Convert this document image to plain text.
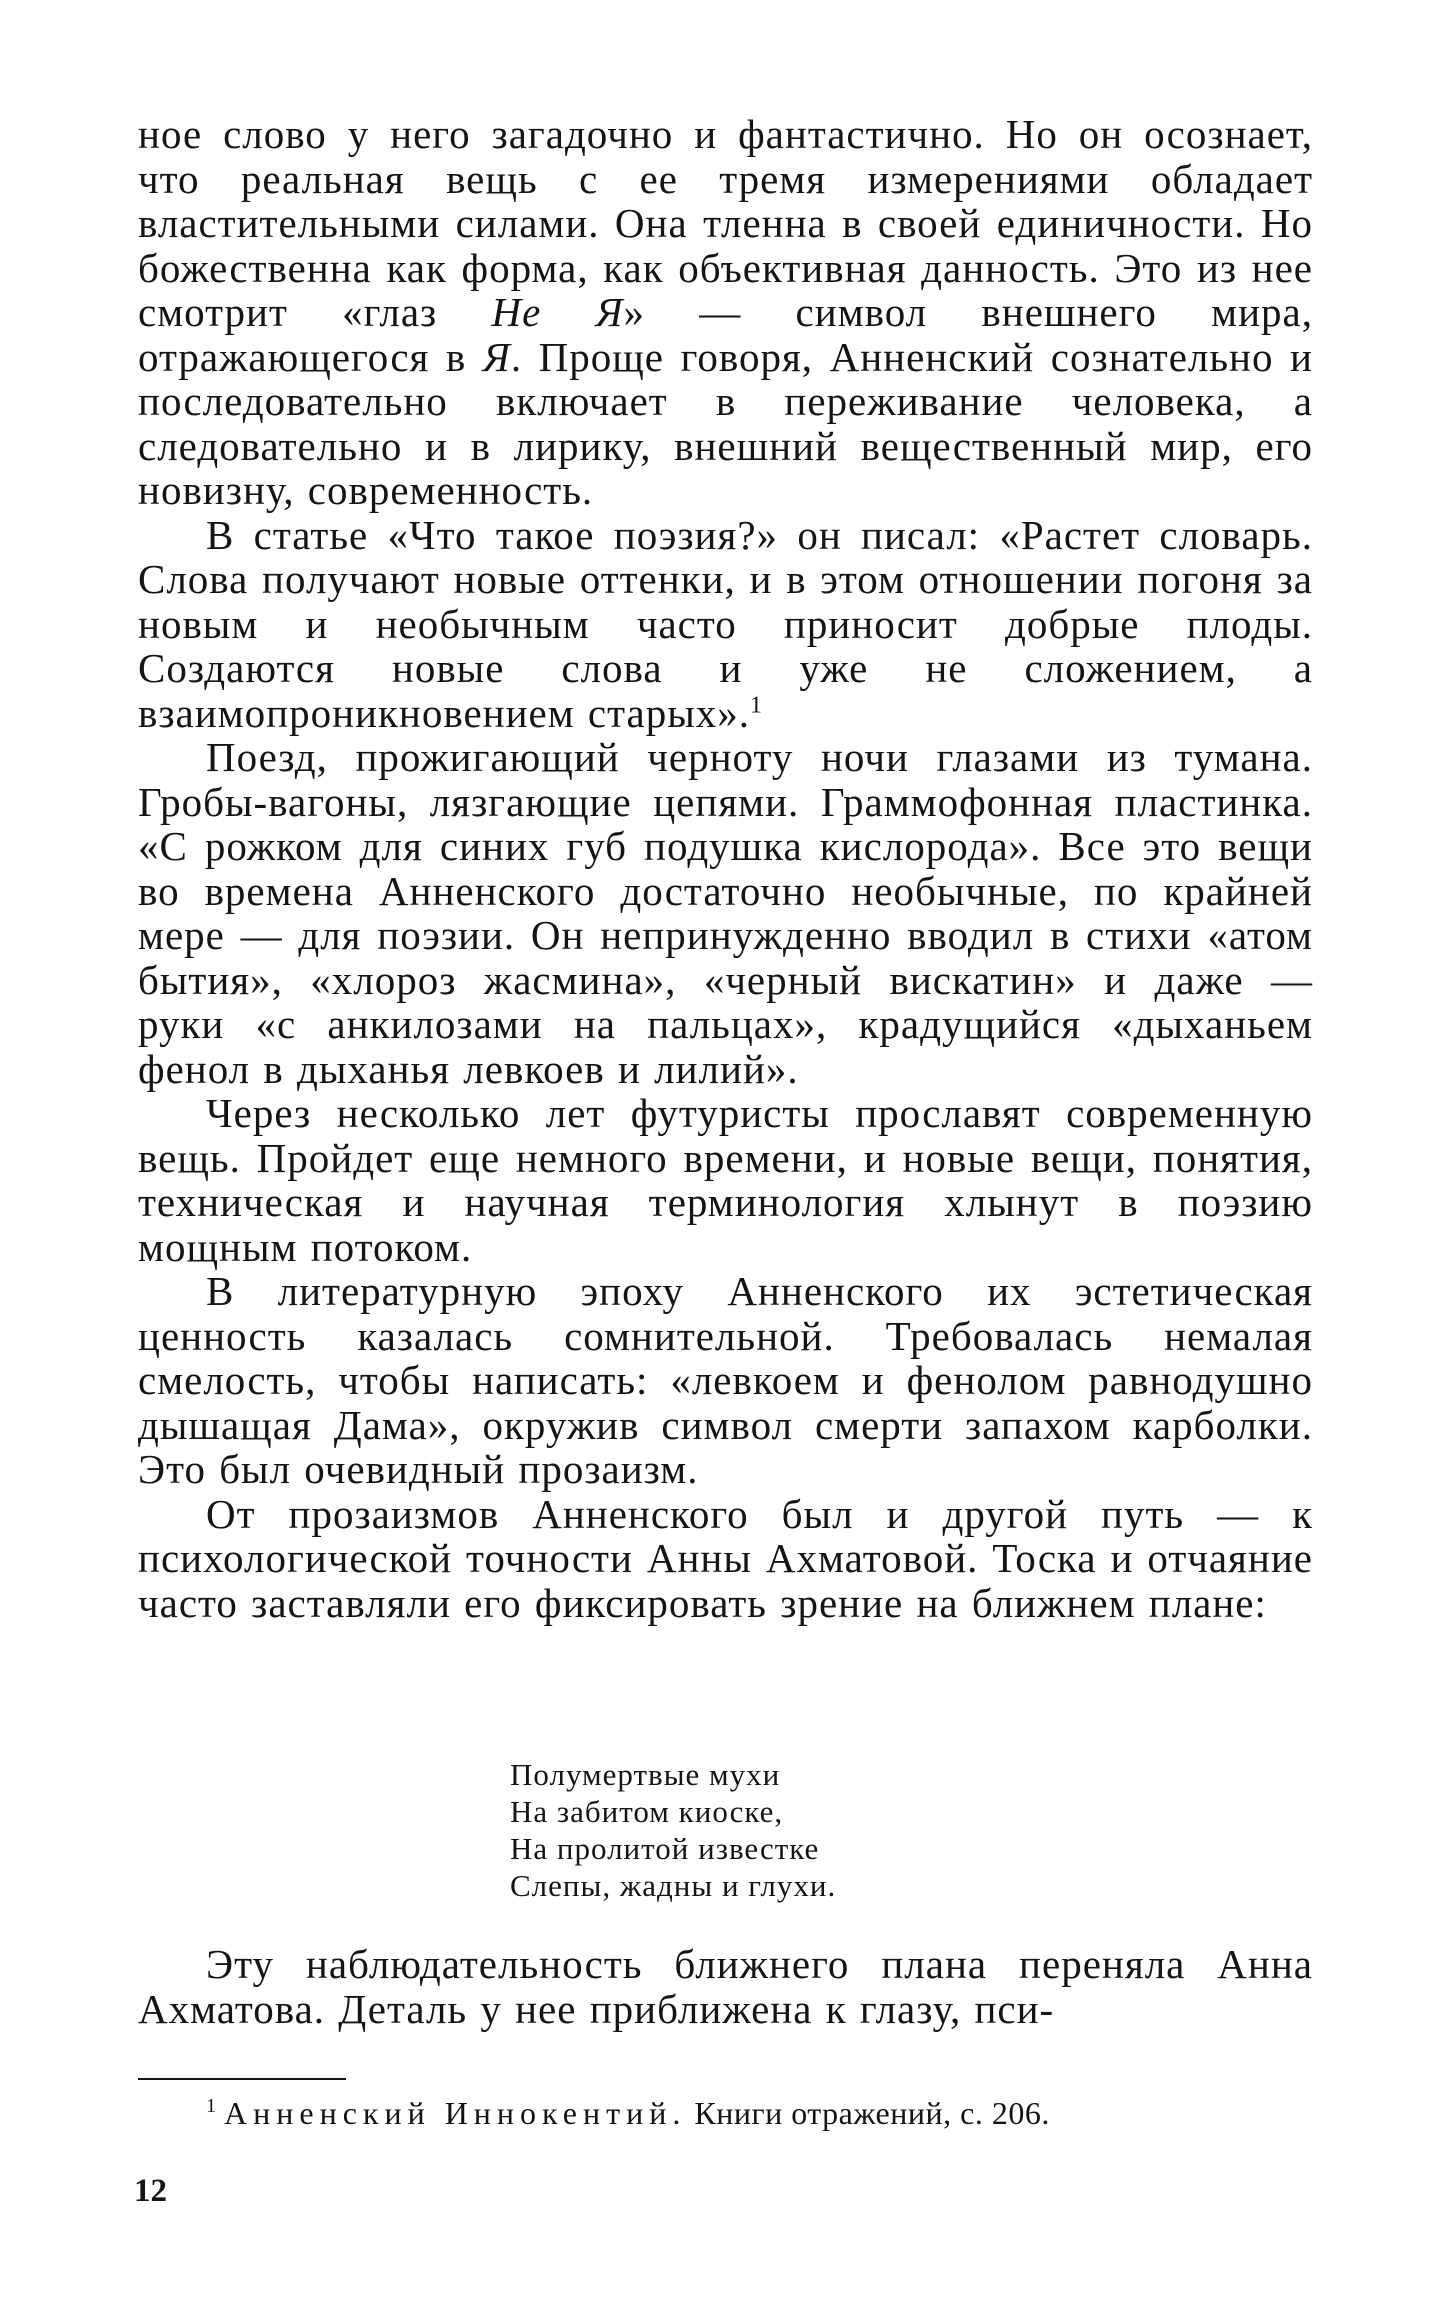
ное слово у него загадочно и фантастично. Но он осознает, что реальная вещь с ее тремя измерениями обладает властительными силами. Она тленна в своей единичности. Но божественна как форма, как объективная данность. Это из нее смотрит «глаз Не Я» — символ внешнего мира, отражающегося в Я. Проще говоря, Анненский сознательно и последовательно включает в переживание человека, а следовательно и в лирику, внешний вещественный мир, его новизну, современность.

В статье «Что такое поэзия?» он писал: «Растет словарь. Слова получают новые оттенки, и в этом отношении погоня за новым и необычным часто приносит добрые плоды. Создаются новые слова и уже не сложением, а взаимопроникновением старых».$^1$

Поезд, прожигающий черноту ночи глазами из тумана. Гробы-вагоны, лязгающие цепями. Граммофонная пластинка. «С рожком для синих губ подушка кислорода». Все это вещи во времена Анненского достаточно необычные, по крайней мере — для поэзии. Он непринужденно вводил в стихи «атом бытия», «хлороз жасмина», «черный вискатин» и даже — руки «с анкилозами на пальцах», крадущийся «дыханьем фенол в дыханья левкоев и лилий».

Через несколько лет футуристы прославят современную вещь. Пройдет еще немного времени, и новые вещи, понятия, техническая и научная терминология хлынут в поэзию мощным потоком.

В литературную эпоху Анненского их эстетическая ценность казалась сомнительной. Требовалась немалая смелость, чтобы написать: «левкоем и фенолом равнодушно дышащая Дама», окружив символ смерти запахом карболки. Это был очевидный прозаизм.

От прозаизмов Анненского был и другой путь — к психологической точности Анны Ахматовой. Тоска и отчаяние часто заставляли его фиксировать зрение на ближнем плане:

Полумертвые мухи
На забитом киоске,
На пролитой известке
Слепы, жадны и глухи.

Эту наблюдательность ближнего плана переняла Анна Ахматова. Деталь у нее приближена к глазу, пси-

$^1$ Анненский Иннокентий. Книги отражений, с. 206.
12
